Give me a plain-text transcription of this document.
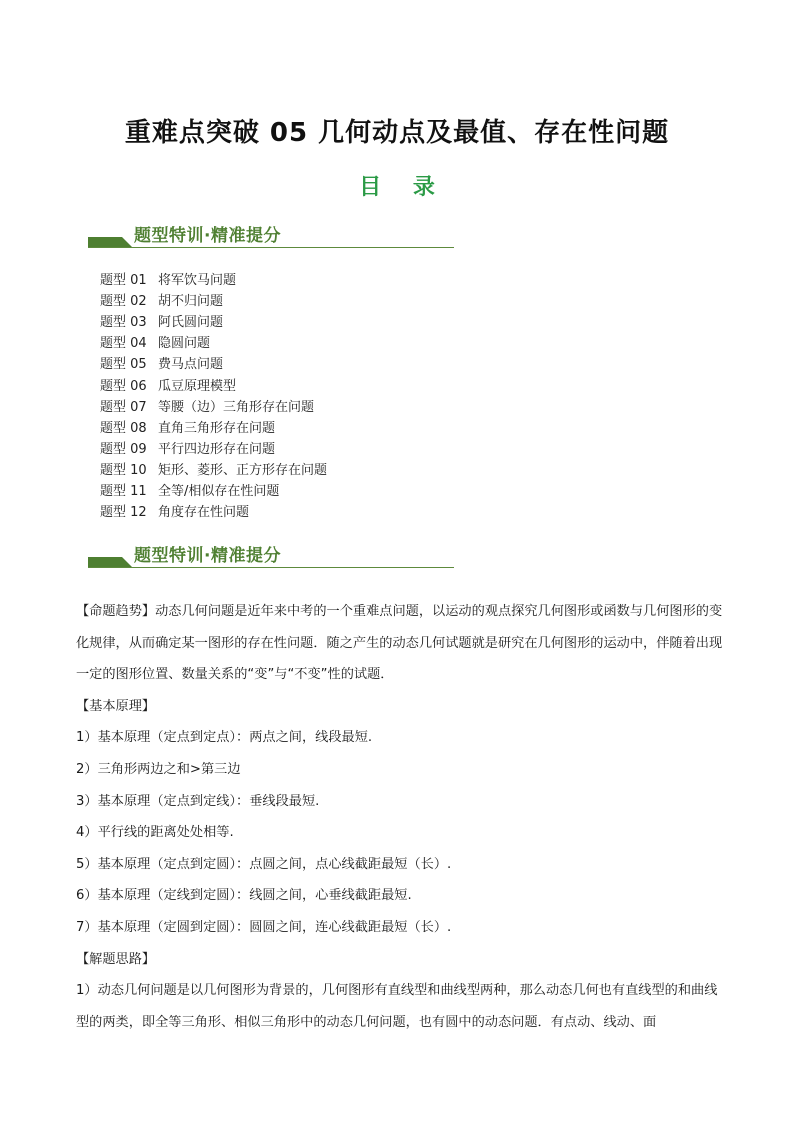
重难点突破 05 几何动点及最值、存在性问题
目 录
题型特训·精准提分
题型 01 将军饮马问题
题型 02 胡不归问题
题型 03 阿氏圆问题
题型 04 隐圆问题
题型 05 费马点问题
题型 06 瓜豆原理模型
题型 07 等腰（边）三角形存在问题
题型 08 直角三角形存在问题
题型 09 平行四边形存在问题
题型 10 矩形、菱形、正方形存在问题
题型 11 全等/相似存在性问题
题型 12 角度存在性问题
题型特训·精准提分

【命题趋势】动态几何问题是近年来中考的一个重难点问题，以运动的观点探究几何图形或函数与几何图形的变化规律，从而确定某一图形的存在性问题．随之产生的动态几何试题就是研究在几何图形的运动中，伴随着出现一定的图形位置、数量关系的“变”与“不变”性的试题．

【基本原理】

1）基本原理（定点到定点）：两点之间，线段最短.

2）三角形两边之和>第三边

3）基本原理（定点到定线）：垂线段最短.

4）平行线的距离处处相等.

5）基本原理（定点到定圆）：点圆之间，点心线截距最短（长）.

6）基本原理（定线到定圆）：线圆之间，心垂线截距最短.

7）基本原理（定圆到定圆）：圆圆之间，连心线截距最短（长）.

【解题思路】

1）动态几何问题是以几何图形为背景的，几何图形有直线型和曲线型两种，那么动态几何也有直线型的和曲线型的两类，即全等三角形、相似三角形中的动态几何问题，也有圆中的动态问题．有点动、线动、面
